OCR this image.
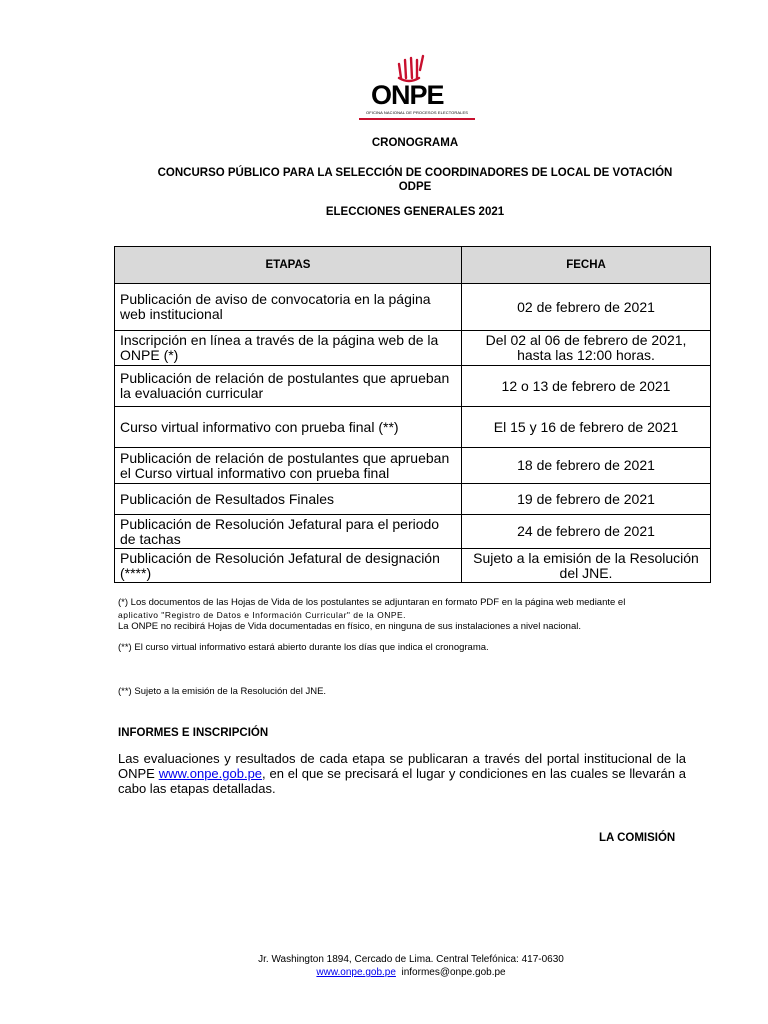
ONPE
OFICINA NACIONAL DE PROCESOS ELECTORALES
CRONOGRAMA
CONCURSO PÚBLICO PARA LA SELECCIÓN DE COORDINADORES DE LOCAL DE VOTACIÓN
ODPE
ELECCIONES GENERALES 2021
ETAPAS	FECHA
Publicación de aviso de convocatoria en la página web institucional	02 de febrero de 2021
Inscripción en línea a través de la página web de la ONPE (*)	Del 02 al 06 de febrero de 2021, hasta las 12:00 horas.
Publicación de relación de postulantes que aprueban la evaluación curricular	12 o 13 de febrero de 2021
Curso virtual informativo con prueba final (**)	El 15 y 16 de febrero de 2021
Publicación de relación de postulantes que aprueban el Curso virtual informativo con prueba final	18 de febrero de 2021
Publicación de Resultados Finales	19 de febrero de 2021
Publicación de Resolución Jefatural para el periodo de tachas	24 de febrero de 2021
Publicación de Resolución Jefatural de designación (****)	Sujeto a la emisión de la Resolución del JNE.
(*) Los documentos de las Hojas de Vida de los postulantes se adjuntaran en formato PDF en la página web mediante el
aplicativo "Registro de Datos e Información Curricular" de la ONPE.
La ONPE no recibirá Hojas de Vida documentadas en físico, en ninguna de sus instalaciones a nivel nacional.
(**) El curso virtual informativo estará abierto durante los días que indica el cronograma.
(**) Sujeto a la emisión de la Resolución del JNE.
INFORMES E INSCRIPCIÓN
Las evaluaciones y resultados de cada etapa se publicaran a través del portal institucional de la ONPE www.onpe.gob.pe, en el que se precisará el lugar y condiciones en las cuales se llevarán a cabo las etapas detalladas.
LA COMISIÓN
Jr. Washington 1894, Cercado de Lima. Central Telefónica: 417-0630
www.onpe.gob.pe informes@onpe.gob.pe
